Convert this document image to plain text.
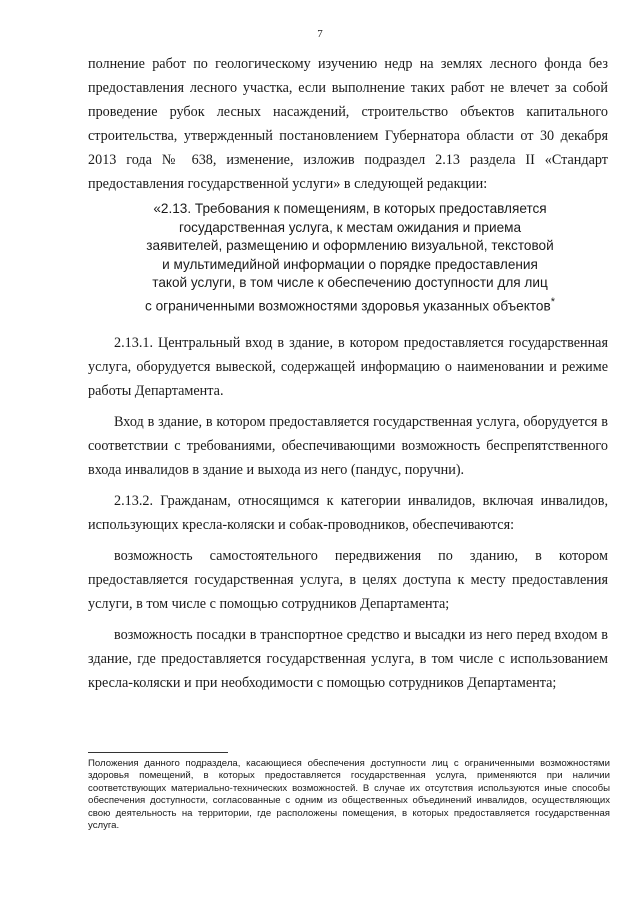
7

полнение работ по геологическому изучению недр на землях лесного фонда без предоставления лесного участка, если выполнение таких работ не влечет за собой проведение рубок лесных насаждений, строительство объектов капитального строительства, утвержденный постановлением Губернатора области от 30 декабря 2013 года № 638, изменение, изложив подраздел 2.13 раздела II «Стандарт предоставления государственной услуги» в следующей редакции:

«2.13. Требования к помещениям, в которых предоставляется
государственная услуга, к местам ожидания и приема
заявителей, размещению и оформлению визуальной, текстовой
и мультимедийной информации о порядке предоставления
такой услуги, в том числе к обеспечению доступности для лиц
с ограниченными возможностями здоровья указанных объектов*

2.13.1. Центральный вход в здание, в котором предоставляется государственная услуга, оборудуется вывеской, содержащей информацию о наименовании и режиме работы Департамента.

Вход в здание, в котором предоставляется государственная услуга, оборудуется в соответствии с требованиями, обеспечивающими возможность беспрепятственного входа инвалидов в здание и выхода из него (пандус, поручни).

2.13.2. Гражданам, относящимся к категории инвалидов, включая инвалидов, использующих кресла-коляски и собак-проводников, обеспечиваются:

возможность самостоятельного передвижения по зданию, в котором предоставляется государственная услуга, в целях доступа к месту предоставления услуги, в том числе с помощью сотрудников Департамента;

возможность посадки в транспортное средство и высадки из него перед входом в здание, где предоставляется государственная услуга, в том числе с использованием кресла-коляски и при необходимости с помощью сотрудников Департамента;

Положения данного подраздела, касающиеся обеспечения доступности лиц с ограниченными возможностями здоровья помещений, в которых предоставляется государственная услуга, применяются при наличии соответствующих материально-технических возможностей. В случае их отсутствия используются иные способы обеспечения доступности, согласованные с одним из общественных объединений инвалидов, осуществляющих свою деятельность на территории, где расположены помещения, в которых предоставляется государственная услуга.
